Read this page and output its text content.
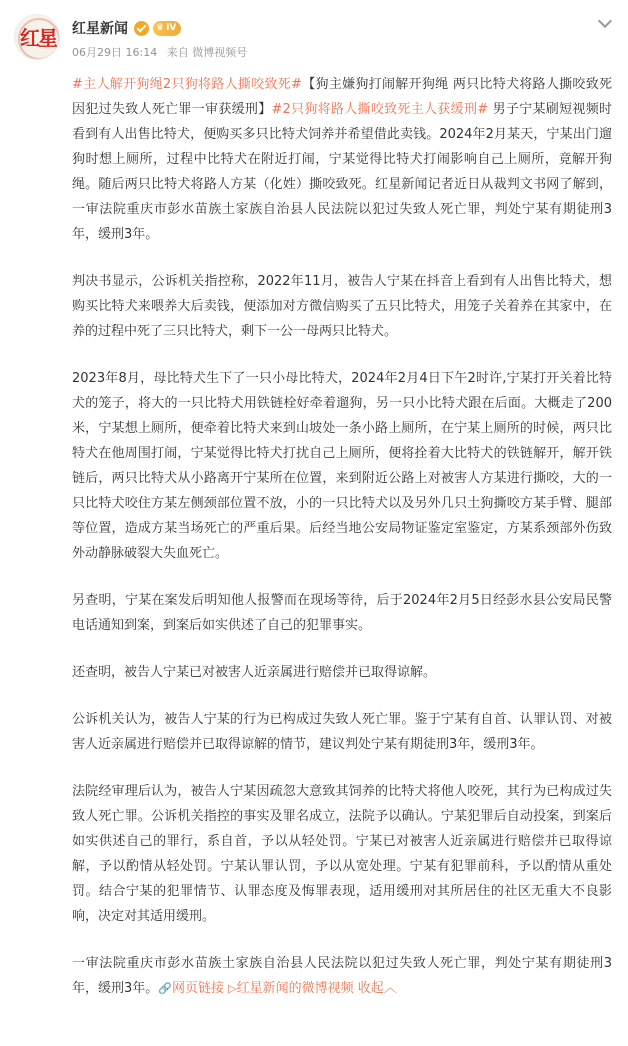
红星	红星新闻	♛ IV
06月29日 16:14 来自 微博视频号

#主人解开狗绳2只狗将路人撕咬致死#【狗主嫌狗打闹解开狗绳 两只比特犬将路人撕咬致死 因犯过失致人死亡罪一审获缓刑】#2只狗将路人撕咬致死主人获缓刑# 男子宁某刷短视频时看到有人出售比特犬，便购买多只比特犬饲养并希望借此卖钱。2024年2月某天，宁某出门遛狗时想上厕所，过程中比特犬在附近打闹，宁某觉得比特犬打闹影响自己上厕所，竟解开狗绳。随后两只比特犬将路人方某（化姓）撕咬致死。红星新闻记者近日从裁判文书网了解到，一审法院重庆市彭水苗族土家族自治县人民法院以犯过失致人死亡罪，判处宁某有期徒刑3年，缓刑3年。

判决书显示，公诉机关指控称，2022年11月，被告人宁某在抖音上看到有人出售比特犬，想购买比特犬来喂养大后卖钱，便添加对方微信购买了五只比特犬，用笼子关着养在其家中，在养的过程中死了三只比特犬，剩下一公一母两只比特犬。

2023年8月，母比特犬生下了一只小母比特犬，2024年2月4日下午2时许,宁某打开关着比特犬的笼子，将大的一只比特犬用铁链栓好牵着遛狗，另一只小比特犬跟在后面。大概走了200米，宁某想上厕所，便牵着比特犬来到山坡处一条小路上厕所，在宁某上厕所的时候，两只比特犬在他周围打闹，宁某觉得比特犬打扰自己上厕所，便将拴着大比特犬的铁链解开，解开铁链后，两只比特犬从小路离开宁某所在位置，来到附近公路上对被害人方某进行撕咬，大的一只比特犬咬住方某左侧颈部位置不放，小的一只比特犬以及另外几只土狗撕咬方某手臂、腿部等位置，造成方某当场死亡的严重后果。后经当地公安局物证鉴定室鉴定，方某系颈部外伤致外动静脉破裂大失血死亡。

另查明，宁某在案发后明知他人报警而在现场等待，后于2024年2月5日经彭水县公安局民警电话通知到案，到案后如实供述了自己的犯罪事实。

还查明，被告人宁某已对被害人近亲属进行赔偿并已取得谅解。

公诉机关认为，被告人宁某的行为已构成过失致人死亡罪。鉴于宁某有自首、认罪认罚、对被害人近亲属进行赔偿并已取得谅解的情节，建议判处宁某有期徒刑3年，缓刑3年。

法院经审理后认为，被告人宁某因疏忽大意致其饲养的比特犬将他人咬死，其行为已构成过失致人死亡罪。公诉机关指控的事实及罪名成立，法院予以确认。宁某犯罪后自动投案，到案后如实供述自己的罪行，系自首，予以从轻处罚。宁某已对被害人近亲属进行赔偿并已取得谅解，予以酌情从轻处罚。宁某认罪认罚，予以从宽处理。宁某有犯罪前科，予以酌情从重处罚。结合宁某的犯罪情节、认罪态度及悔罪表现，适用缓刑对其所居住的社区无重大不良影响，决定对其适用缓刑。

一审法院重庆市彭水苗族土家族自治县人民法院以犯过失致人死亡罪，判处宁某有期徒刑3年，缓刑3年。🔗网页链接 ▷红星新闻的微博视频 收起︿
